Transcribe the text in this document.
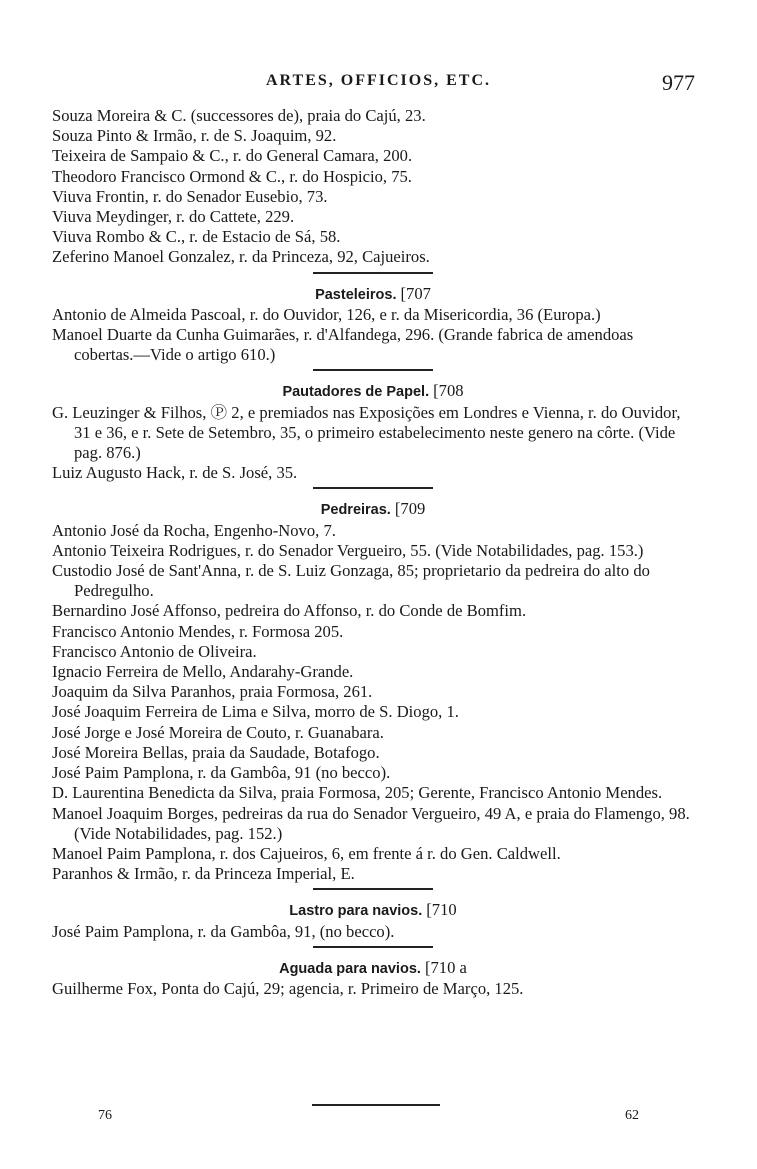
ARTES, OFFICIOS, ETC.	977

Souza Moreira & C. (successores de), praia do Cajú, 23.

Souza Pinto & Irmão, r. de S. Joaquim, 92.

Teixeira de Sampaio & C., r. do General Camara, 200.

Theodoro Francisco Ormond & C., r. do Hospicio, 75.

Viuva Frontin, r. do Senador Eusebio, 73.

Viuva Meydinger, r. do Cattete, 229.

Viuva Rombo & C., r. de Estacio de Sá, 58.

Zeferino Manoel Gonzalez, r. da Princeza, 92, Cajueiros.

Pasteleiros. [707

Antonio de Almeida Pascoal, r. do Ouvidor, 126, e r. da Misericordia, 36 (Europa.)

Manoel Duarte da Cunha Guimarães, r. d'Alfandega, 296. (Grande fabrica de amendoas cobertas.—Vide o artigo 610.)

Pautadores de Papel. [708

G. Leuzinger & Filhos, Ⓟ 2, e premiados nas Exposições em Londres e Vienna, r. do Ouvidor, 31 e 36, e r. Sete de Setembro, 35, o primeiro estabelecimento neste genero na côrte. (Vide pag. 876.)

Luiz Augusto Hack, r. de S. José, 35.

Pedreiras. [709

Antonio José da Rocha, Engenho-Novo, 7.

Antonio Teixeira Rodrigues, r. do Senador Vergueiro, 55. (Vide Notabilidades, pag. 153.)

Custodio José de Sant'Anna, r. de S. Luiz Gonzaga, 85; proprietario da pedreira do alto do Pedregulho.

Bernardino José Affonso, pedreira do Affonso, r. do Conde de Bomfim.

Francisco Antonio Mendes, r. Formosa 205.

Francisco Antonio de Oliveira.

Ignacio Ferreira de Mello, Andarahy-Grande.

Joaquim da Silva Paranhos, praia Formosa, 261.

José Joaquim Ferreira de Lima e Silva, morro de S. Diogo, 1.

José Jorge e José Moreira de Couto, r. Guanabara.

José Moreira Bellas, praia da Saudade, Botafogo.

José Paim Pamplona, r. da Gambôa, 91 (no becco).

D. Laurentina Benedicta da Silva, praia Formosa, 205; Gerente, Francisco Antonio Mendes.

Manoel Joaquim Borges, pedreiras da rua do Senador Vergueiro, 49 A, e praia do Flamengo, 98. (Vide Notabilidades, pag. 152.)

Manoel Paim Pamplona, r. dos Cajueiros, 6, em frente á r. do Gen. Caldwell.

Paranhos & Irmão, r. da Princeza Imperial, E.

Lastro para navios. [710

José Paim Pamplona, r. da Gambôa, 91, (no becco).

Aguada para navios. [710 a

Guilherme Fox, Ponta do Cajú, 29; agencia, r. Primeiro de Março, 125.

76	62
